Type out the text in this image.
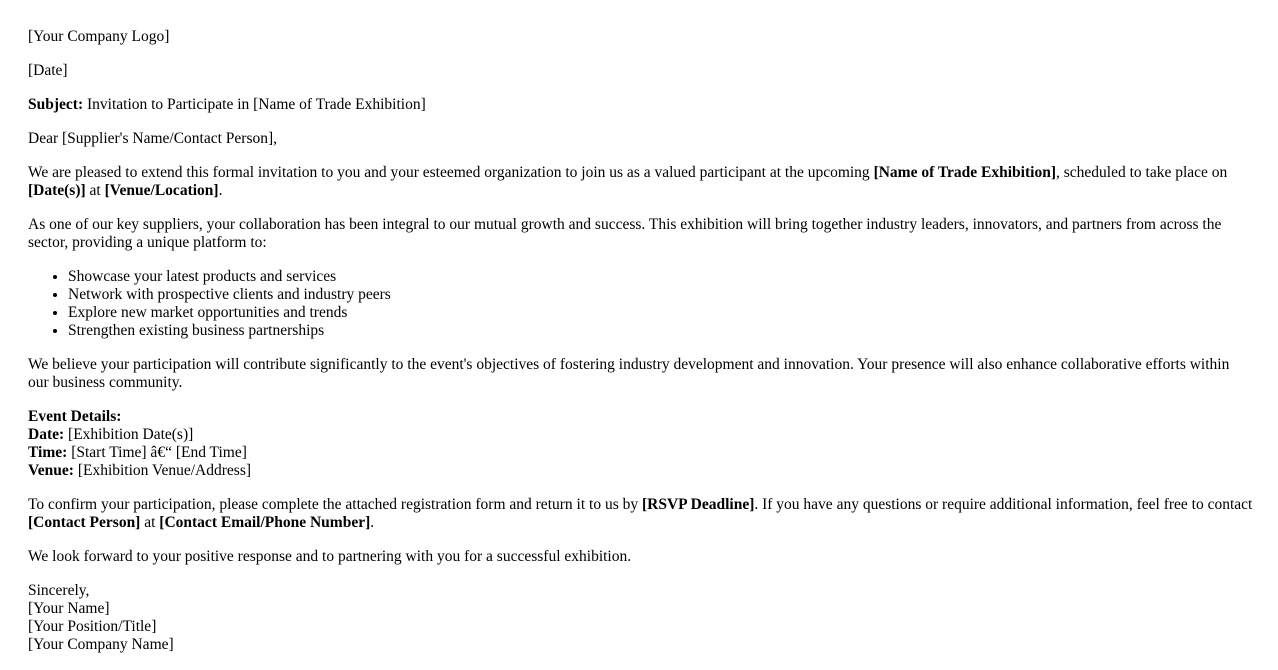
[Your Company Logo]

[Date]

Subject: Invitation to Participate in [Name of Trade Exhibition]

Dear [Supplier's Name/Contact Person],

We are pleased to extend this formal invitation to you and your esteemed organization to join us as a valued participant at the upcoming [Name of Trade Exhibition], scheduled to take place on [Date(s)] at [Venue/Location].

As one of our key suppliers, your collaboration has been integral to our mutual growth and success. This exhibition will bring together industry leaders, innovators, and partners from across the sector, providing a unique platform to:

• Showcase your latest products and services
• Network with prospective clients and industry peers
• Explore new market opportunities and trends
• Strengthen existing business partnerships

We believe your participation will contribute significantly to the event's objectives of fostering industry development and innovation. Your presence will also enhance collaborative efforts within our business community.

Event Details:
Date: [Exhibition Date(s)]
Time: [Start Time] â€“ [End Time]
Venue: [Exhibition Venue/Address]

To confirm your participation, please complete the attached registration form and return it to us by [RSVP Deadline]. If you have any questions or require additional information, feel free to contact [Contact Person] at [Contact Email/Phone Number].

We look forward to your positive response and to partnering with you for a successful exhibition.

Sincerely,
[Your Name]
[Your Position/Title]
[Your Company Name]
